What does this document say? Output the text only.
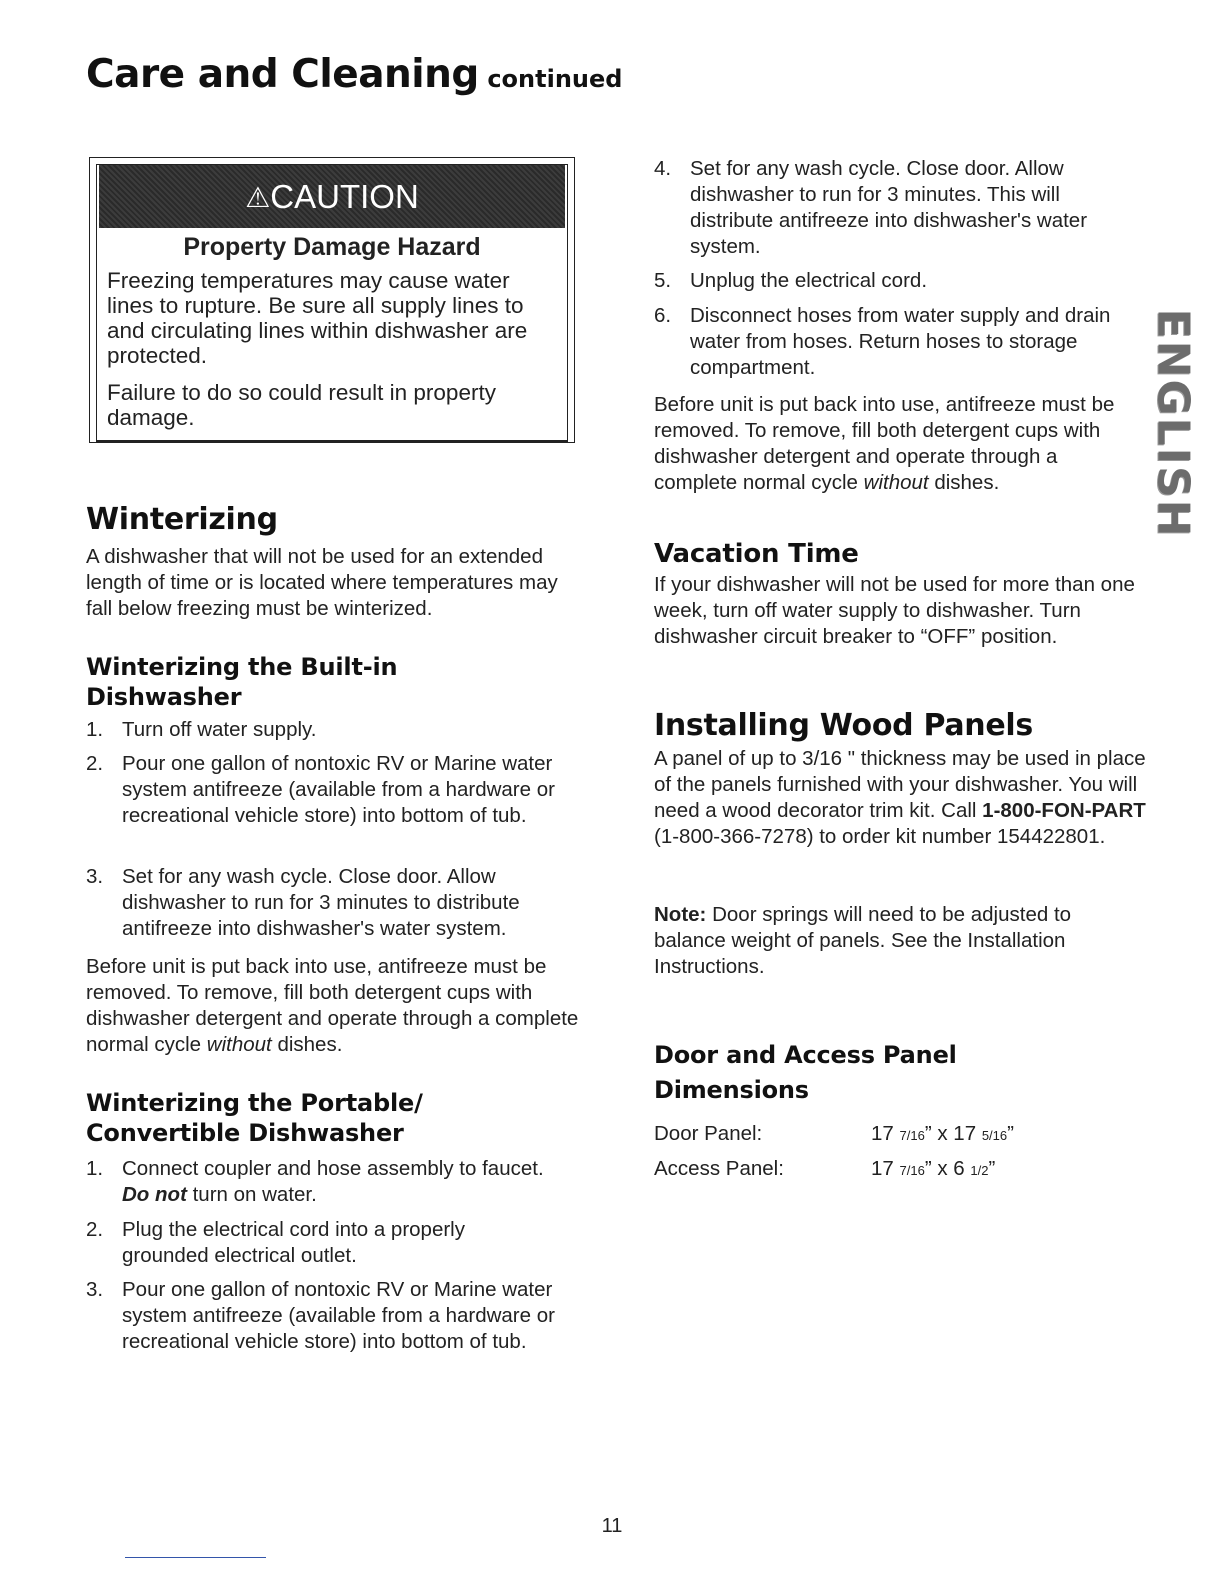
Care and Cleaning continued
⚠CAUTION
Property Damage Hazard
Freezing temperatures may cause water lines to rupture. Be sure all supply lines to and circulating lines within dishwasher are protected.
Failure to do so could result in property damage.
Winterizing
A dishwasher that will not be used for an extended length of time or is located where temperatures may fall below freezing must be winterized.
Winterizing the Built-in Dishwasher
1. Turn off water supply.
2. Pour one gallon of nontoxic RV or Marine water system antifreeze (available from a hardware or recreational vehicle store) into bottom of tub.
3. Set for any wash cycle. Close door. Allow dishwasher to run for 3 minutes to distribute antifreeze into dishwasher's water system.
Before unit is put back into use, antifreeze must be removed. To remove, fill both detergent cups with dishwasher detergent and operate through a complete normal cycle without dishes.
Winterizing the Portable/ Convertible Dishwasher
1. Connect coupler and hose assembly to faucet.
Do not turn on water.
2. Plug the electrical cord into a properly grounded electrical outlet.
3. Pour one gallon of nontoxic RV or Marine water system antifreeze (available from a hardware or recreational vehicle store) into bottom of tub.
4. Set for any wash cycle. Close door. Allow dishwasher to run for 3 minutes. This will distribute antifreeze into dishwasher's water system.
5. Unplug the electrical cord.
6. Disconnect hoses from water supply and drain water from hoses. Return hoses to storage compartment.
Before unit is put back into use, antifreeze must be removed. To remove, fill both detergent cups with dishwasher detergent and operate through a complete normal cycle without dishes.
Vacation Time
If your dishwasher will not be used for more than one week, turn off water supply to dishwasher. Turn dishwasher circuit breaker to “OFF” position.
Installing Wood Panels
A panel of up to 3/16 " thickness may be used in place of the panels furnished with your dishwasher. You will need a wood decorator trim kit. Call 1-800-FON-PART (1-800-366-7278) to order kit number 154422801.
Note: Door springs will need to be adjusted to balance weight of panels. See the Installation Instructions.
Door and Access Panel Dimensions
Door Panel:	17 7/16” x 17 5/16”
Access Panel:	17 7/16” x 6 1/2”
ENGLISH
11
